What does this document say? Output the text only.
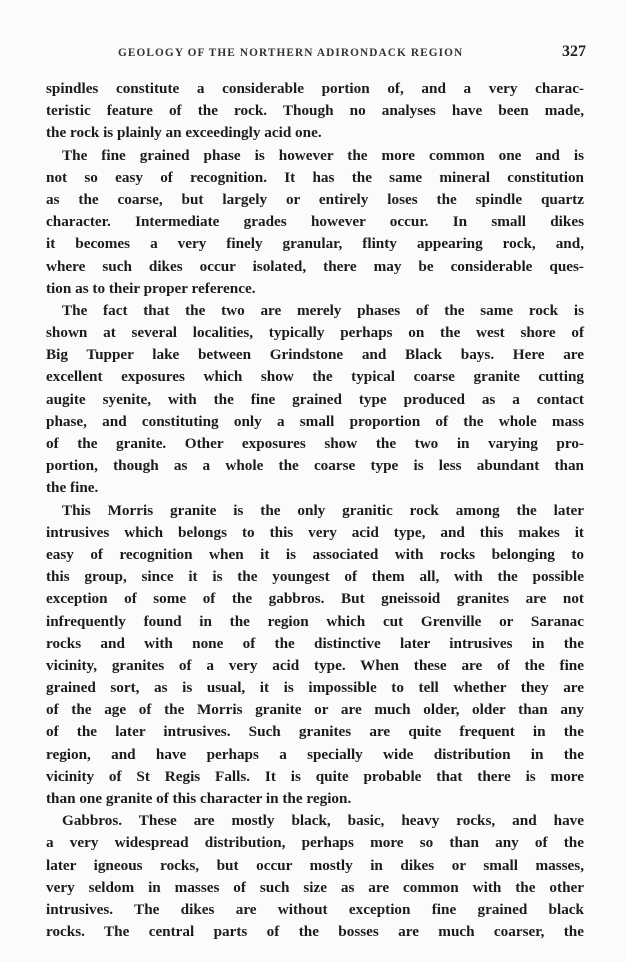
GEOLOGY OF THE NORTHERN ADIRONDACK REGION	327
spindles constitute a considerable portion of, and a very charac-
teristic feature of the rock. Though no analyses have been made,
the rock is plainly an exceedingly acid one.
The fine grained phase is however the more common one and is
not so easy of recognition. It has the same mineral constitution
as the coarse, but largely or entirely loses the spindle quartz
character. Intermediate grades however occur. In small dikes
it becomes a very finely granular, flinty appearing rock, and,
where such dikes occur isolated, there may be considerable ques-
tion as to their proper reference.
The fact that the two are merely phases of the same rock is
shown at several localities, typically perhaps on the west shore of
Big Tupper lake between Grindstone and Black bays. Here are
excellent exposures which show the typical coarse granite cutting
augite syenite, with the fine grained type produced as a contact
phase, and constituting only a small proportion of the whole mass
of the granite. Other exposures show the two in varying pro-
portion, though as a whole the coarse type is less abundant than
the fine.
This Morris granite is the only granitic rock among the later
intrusives which belongs to this very acid type, and this makes it
easy of recognition when it is associated with rocks belonging to
this group, since it is the youngest of them all, with the possible
exception of some of the gabbros. But gneissoid granites are not
infrequently found in the region which cut Grenville or Saranac
rocks and with none of the distinctive later intrusives in the
vicinity, granites of a very acid type. When these are of the fine
grained sort, as is usual, it is impossible to tell whether they are
of the age of the Morris granite or are much older, older than any
of the later intrusives. Such granites are quite frequent in the
region, and have perhaps a specially wide distribution in the
vicinity of St Regis Falls. It is quite probable that there is more
than one granite of this character in the region.
Gabbros. These are mostly black, basic, heavy rocks, and have
a very widespread distribution, perhaps more so than any of the
later igneous rocks, but occur mostly in dikes or small masses,
very seldom in masses of such size as are common with the other
intrusives. The dikes are without exception fine grained black
rocks. The central parts of the bosses are much coarser, the
